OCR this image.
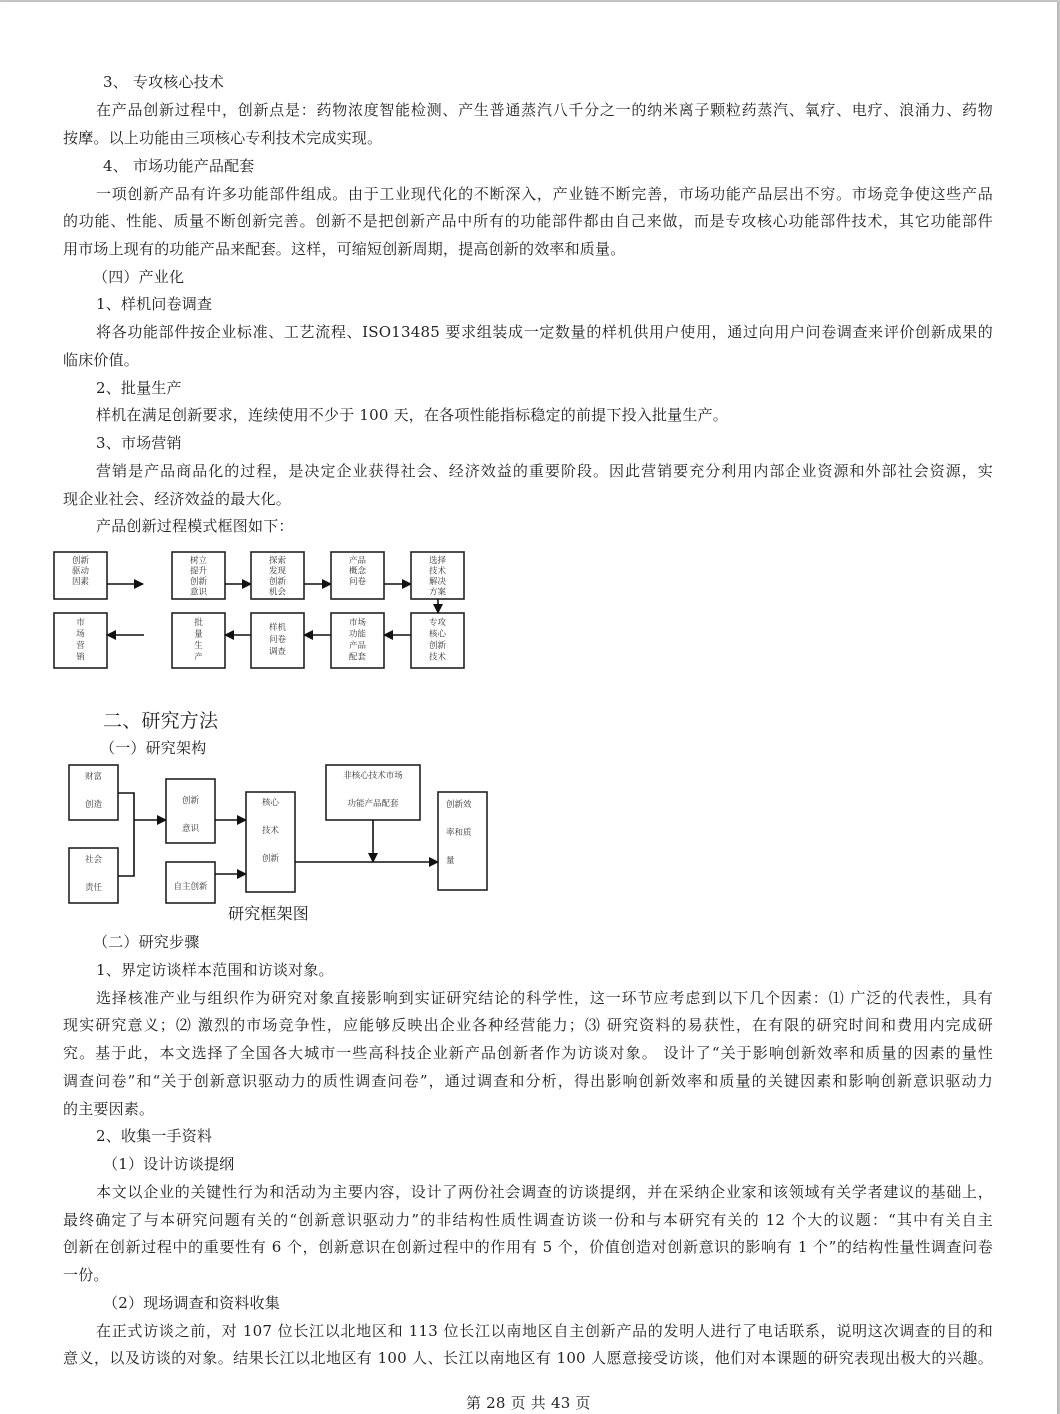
3、 专攻核心技术
在产品创新过程中，创新点是：药物浓度智能检测、产生普通蒸汽八千分之一的纳米离子颗粒药蒸汽、氧疗、电疗、浪涌力、药物
按摩。以上功能由三项核心专利技术完成实现。
4、 市场功能产品配套
一项创新产品有许多功能部件组成。由于工业现代化的不断深入，产业链不断完善，市场功能产品层出不穷。市场竞争使这些产品
的功能、性能、质量不断创新完善。创新不是把创新产品中所有的功能部件都由自己来做，而是专攻核心功能部件技术，其它功能部件
用市场上现有的功能产品来配套。这样，可缩短创新周期，提高创新的效率和质量。
（四）产业化
1、样机问卷调查
将各功能部件按企业标准、工艺流程、ISO13485 要求组装成一定数量的样机供用户使用，通过向用户问卷调查来评价创新成果的
临床价值。
2、批量生产
样机在满足创新要求，连续使用不少于 100 天，在各项性能指标稳定的前提下投入批量生产。
3、市场营销
营销是产品商品化的过程，是决定企业获得社会、经济效益的重要阶段。因此营销要充分利用内部企业资源和外部社会资源，实
现企业社会、经济效益的最大化。
产品创新过程模式框图如下：
创新
驱动
因素
树立
提升
创新
意识
探索
发现
创新
机会
产品
概念
问卷
选择
技术
解决
方案
市
场
营
销
批
量
生
产
样机
问卷
调查
市场
功能
产品
配套
专攻
核心
创新
技术
二、研究方法
（一）研究架构
财富
创造
社会
责任
创新
意识
自主创新
核心
技术
创新
非核心技术市场
功能产品配套	创新效
率和质
量
研究框架图
（二）研究步骤
1、界定访谈样本范围和访谈对象。
选择核准产业与组织作为研究对象直接影响到实证研究结论的科学性，这一环节应考虑到以下几个因素：⑴ 广泛的代表性，具有
现实研究意义；⑵ 激烈的市场竞争性，应能够反映出企业各种经营能力；⑶ 研究资料的易获性，在有限的研究时间和费用内完成研
究。基于此，本文选择了全国各大城市一些高科技企业新产品创新者作为访谈对象。 设计了“关于影响创新效率和质量的因素的量性
调查问卷”和“关于创新意识驱动力的质性调查问卷”，通过调查和分析，得出影响创新效率和质量的关键因素和影响创新意识驱动力
的主要因素。
2、收集一手资料
（1）设计访谈提纲
本文以企业的关键性行为和活动为主要内容，设计了两份社会调查的访谈提纲，并在采纳企业家和该领域有关学者建议的基础上，
最终确定了与本研究问题有关的“创新意识驱动力”的非结构性质性调查访谈一份和与本研究有关的 12 个大的议题：“其中有关自主
创新在创新过程中的重要性有 6 个，创新意识在创新过程中的作用有 5 个，价值创造对创新意识的影响有 1 个”的结构性量性调查问卷
一份。
（2）现场调查和资料收集
在正式访谈之前，对 107 位长江以北地区和 113 位长江以南地区自主创新产品的发明人进行了电话联系，说明这次调查的目的和
意义，以及访谈的对象。结果长江以北地区有 100 人、长江以南地区有 100 人愿意接受访谈，他们对本课题的研究表现出极大的兴趣。
第 28 页 共 43 页
